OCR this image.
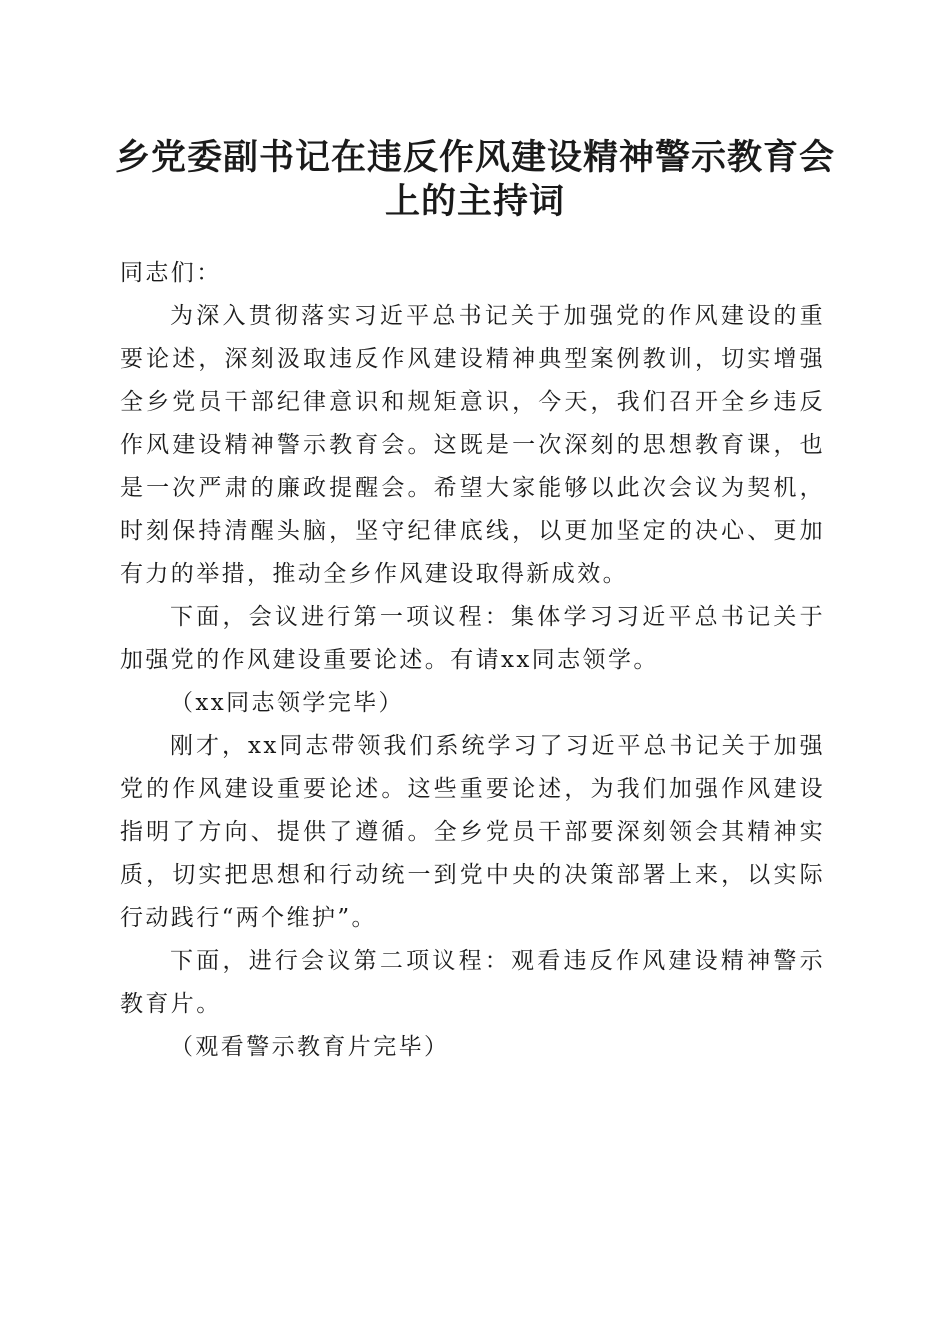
乡党委副书记在违反作风建设精神警示教育会
上的主持词

同志们：

为深入贯彻落实习近平总书记关于加强党的作风建设的重要论述，深刻汲取违反作风建设精神典型案例教训，切实增强全乡党员干部纪律意识和规矩意识，今天，我们召开全乡违反作风建设精神警示教育会。这既是一次深刻的思想教育课，也是一次严肃的廉政提醒会。希望大家能够以此次会议为契机，时刻保持清醒头脑，坚守纪律底线，以更加坚定的决心、更加有力的举措，推动全乡作风建设取得新成效。

下面，会议进行第一项议程：集体学习习近平总书记关于加强党的作风建设重要论述。有请xx同志领学。

（xx同志领学完毕）

刚才，xx同志带领我们系统学习了习近平总书记关于加强党的作风建设重要论述。这些重要论述，为我们加强作风建设指明了方向、提供了遵循。全乡党员干部要深刻领会其精神实质，切实把思想和行动统一到党中央的决策部署上来，以实际行动践行“两个维护”。

下面，进行会议第二项议程：观看违反作风建设精神警示教育片。

（观看警示教育片完毕）
